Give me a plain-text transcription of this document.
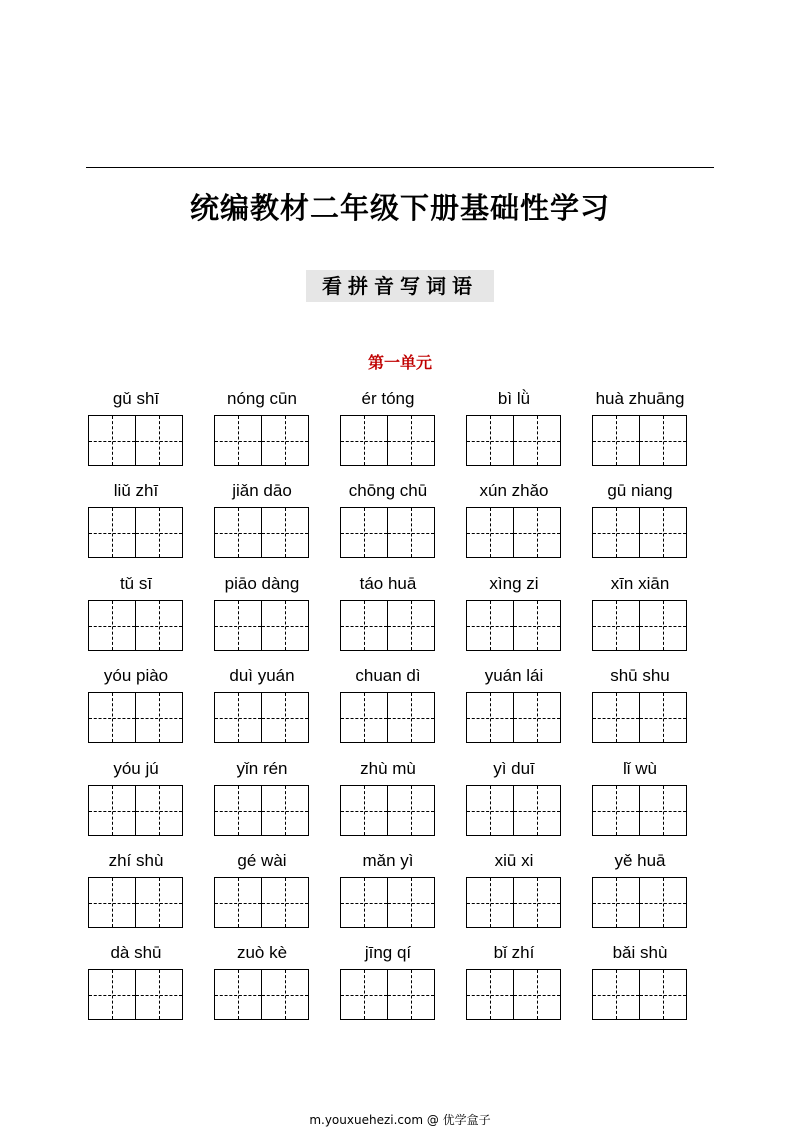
统编教材二年级下册基础性学习
看拼音写词语
第一单元
gǔ shī	nóng cūn	ér tóng	bì lǜ	huà zhuāng
liǔ zhī	jiǎn dāo	chōng chū	xún zhǎo	gū niang
tǔ sī	piāo dàng	táo huā	xìng zi	xīn xiān
yóu piào	duì yuán	chuan dì	yuán lái	shū shu
yóu jú	yǐn rén	zhù mù	yì duī	lǐ wù
zhí shù	gé wài	mǎn yì	xiū xi	yě huā
dà shū	zuò kè	jīng qí	bǐ zhí	bǎi shù
m.youxuehezi.com @ 优学盒子
